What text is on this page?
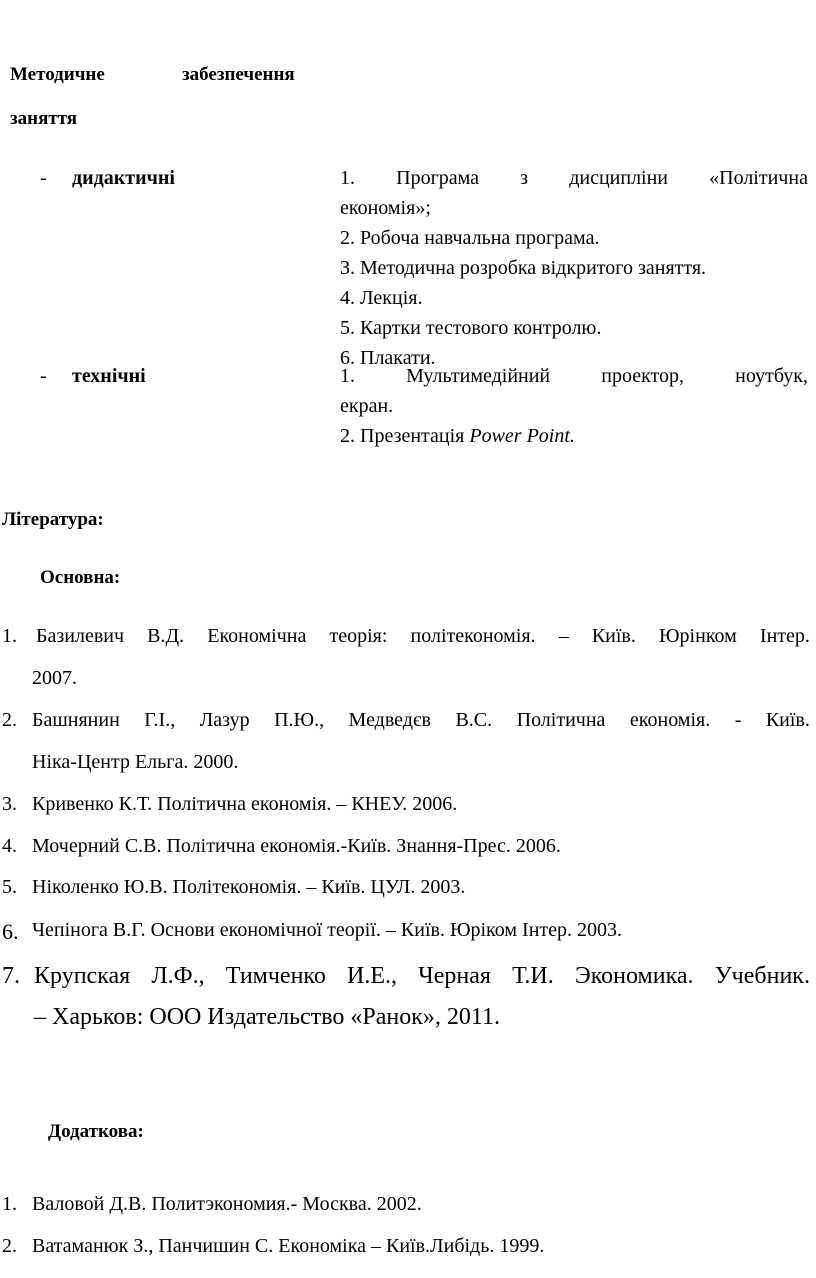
Методичне	забезпечення
заняття
- дидактичні	1. Програма з дисципліни «Політична
економія»;
2. Робоча навчальна програма.
3. Методична розробка відкритого заняття.
4. Лекція.
5. Картки тестового контролю.
6. Плакати.
- технічні	1.	Мультимедійний	проектор,	ноутбук,
екран.
2. Презентація Power Point.
Література:
Основна:
1. Базилевич В.Д. Економічна теорія: політекономія. – Київ. Юрінком Інтер.
2007.
2. Башнянин Г.І., Лазур П.Ю., Медведєв В.С. Політична економія. - Київ.
Ніка-Центр Ельга. 2000.
3. Кривенко К.Т. Політична економія. – КНЕУ. 2006.
4. Мочерний С.В. Політична економія.-Київ. Знання-Прес. 2006.
5. Ніколенко Ю.В. Політекономія. – Київ. ЦУЛ. 2003.
6. Чепінога В.Г. Основи економічної теорії. – Київ. Юріком Інтер. 2003.
7. Крупская Л.Ф., Тимченко И.Е., Черная Т.И. Экономика. Учебник.
– Харьков: ООО Издательство «Ранок», 2011.
Додаткова:
1. Валовой Д.В. Политэкономия.- Москва. 2002.
2. Ватаманюк З., Панчишин С. Економіка – Київ.Либідь. 1999.
